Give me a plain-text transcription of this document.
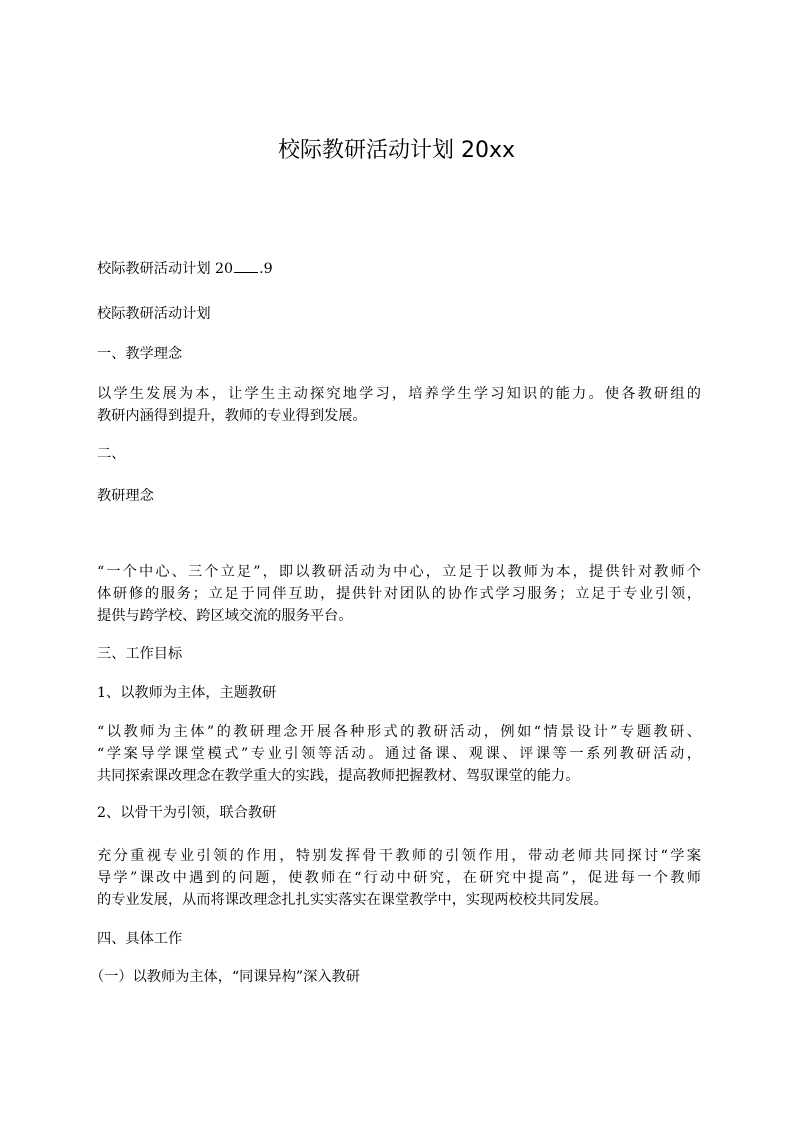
校际教研活动计划 20xx

校际教研活动计划 20 .9

校际教研活动计划

一、教学理念

以学生发展为本，让学生主动探究地学习，培养学生学习知识的能力。使各教研组的
教研内涵得到提升，教师的专业得到发展。

二、

教研理念

“一个中心、三个立足”，即以教研活动为中心，立足于以教师为本，提供针对教师个
体研修的服务；立足于同伴互助，提供针对团队的协作式学习服务；立足于专业引领，
提供与跨学校、跨区域交流的服务平台。

三、工作目标

1、以教师为主体，主题教研

“以教师为主体”的教研理念开展各种形式的教研活动，例如“情景设计”专题教研、
“学案导学课堂模式”专业引领等活动。通过备课、观课、评课等一系列教研活动，
共同探索课改理念在教学重大的实践，提高教师把握教材、驾驭课堂的能力。

2、以骨干为引领，联合教研

充分重视专业引领的作用，特别发挥骨干教师的引领作用，带动老师共同探讨“学案
导学”课改中遇到的问题，使教师在“行动中研究，在研究中提高”，促进每一个教师
的专业发展，从而将课改理念扎扎实实落实在课堂教学中，实现两校校共同发展。

四、具体工作

（一）以教师为主体，“同课异构”深入教研
